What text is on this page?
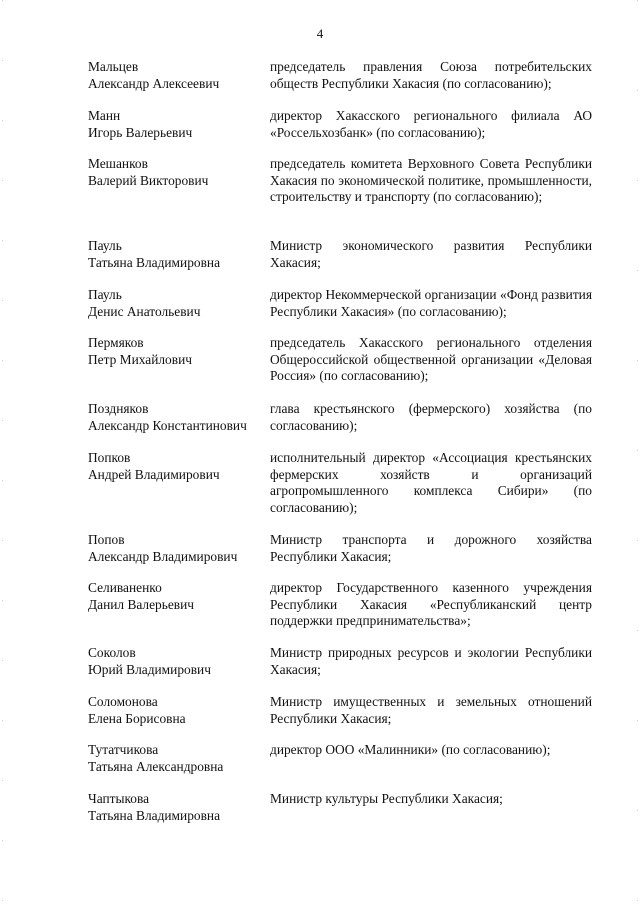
4
Мальцев
Александр Алексеевич
председатель правления Союза потребительских обществ Республики Хакасия (по согласованию);
Манн
Игорь Валерьевич
директор Хакасского регионального филиала АО «Россельхозбанк» (по согласованию);
Мешанков
Валерий Викторович
председатель комитета Верховного Совета Республики Хакасия по экономической политике, промышленности, строительству и транспорту (по согласованию);
Пауль
Татьяна Владимировна
Министр экономического развития Республики Хакасия;
Пауль
Денис Анатольевич
директор Некоммерческой организации «Фонд развития Республики Хакасия» (по согласованию);
Пермяков
Петр Михайлович
председатель Хакасского регионального отделения Общероссийской общественной организации «Деловая Россия» (по согласованию);
Поздняков
Александр Константинович
глава крестьянского (фермерского) хозяйства (по согласованию);
Попков
Андрей Владимирович
исполнительный директор «Ассоциация крестьянских фермерских хозяйств и организаций агропромышленного комплекса Сибири» (по согласованию);
Попов
Александр Владимирович
Министр транспорта и дорожного хозяйства Республики Хакасия;
Селиваненко
Данил Валерьевич
директор Государственного казенного учреждения Республики Хакасия «Республиканский центр поддержки предпринимательства»;
Соколов
Юрий Владимирович
Министр природных ресурсов и экологии Республики Хакасия;
Соломонова
Елена Борисовна
Министр имущественных и земельных отношений Республики Хакасия;
Тутатчикова
Татьяна Александровна
директор ООО «Малинники» (по согласованию);
Чаптыкова
Татьяна Владимировна
Министр культуры Республики Хакасия;
